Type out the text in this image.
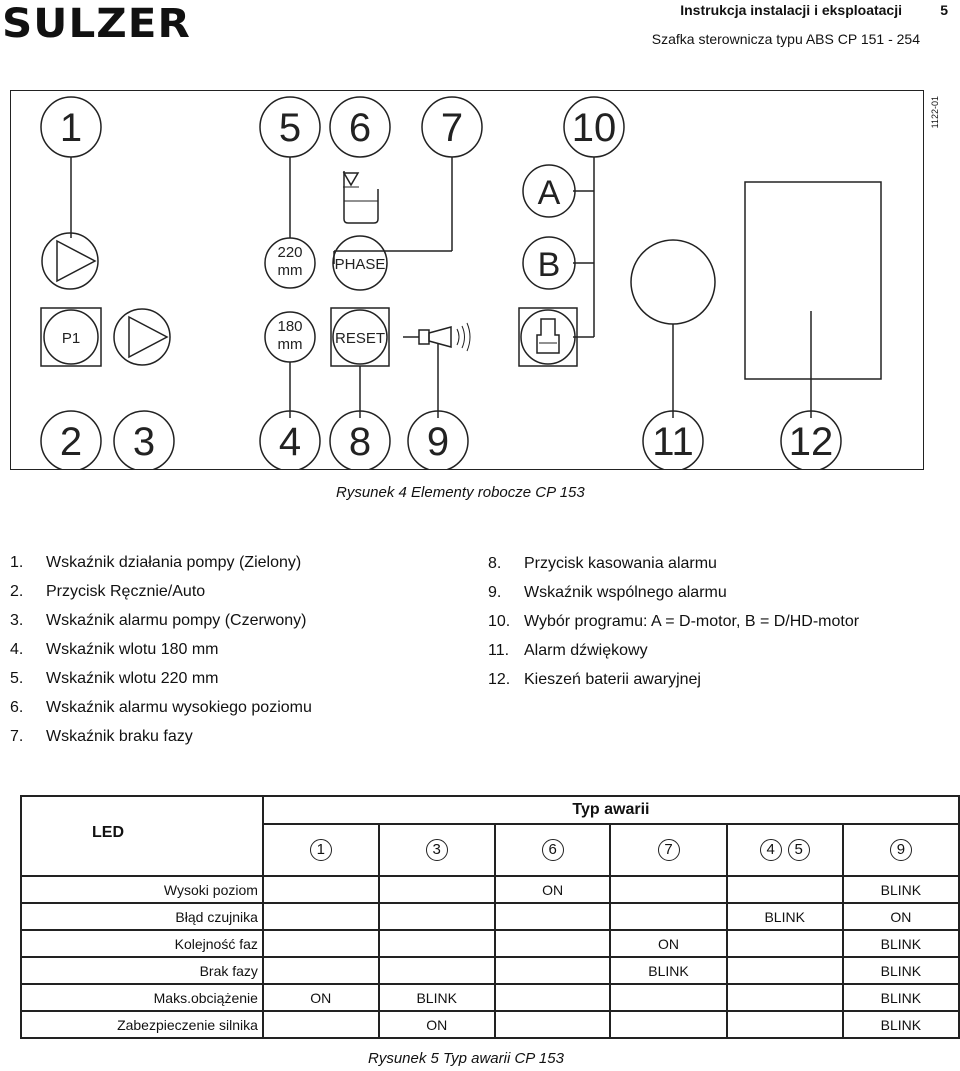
SULZER	Instrukcja instalacji i eksploatacji	5
Szafka sterownicza typu ABS CP 151 - 254
1	5 6 7	10
A
B
220
mm PHASE
P1
180
mm RESET
2 3	4 8 9	11 12
1122-01
Rysunek 4 Elementy robocze CP 153
1. Wskaźnik działania pompy (Zielony)
2. Przycisk Ręcznie/Auto
3. Wskaźnik alarmu pompy (Czerwony)
4. Wskaźnik wlotu 180 mm
5. Wskaźnik wlotu 220 mm
6. Wskaźnik alarmu wysokiego poziomu
7. Wskaźnik braku fazy
8. Przycisk kasowania alarmu
9. Wskaźnik wspólnego alarmu
10. Wybór programu: A = D-motor, B = D/HD-motor
11. Alarm dźwiękowy
12. Kieszeń baterii awaryjnej
	Typ awarii					
LED	1	3	6	7	4 5	9
Wysoki poziom			ON			BLINK
Błąd czujnika					BLINK	ON
Kolejność faz				ON		BLINK
Brak fazy				BLINK		BLINK
Maks.obciążenie	ON	BLINK				BLINK
Zabezpieczenie silnika		ON				BLINK
Rysunek 5 Typ awarii CP 153
